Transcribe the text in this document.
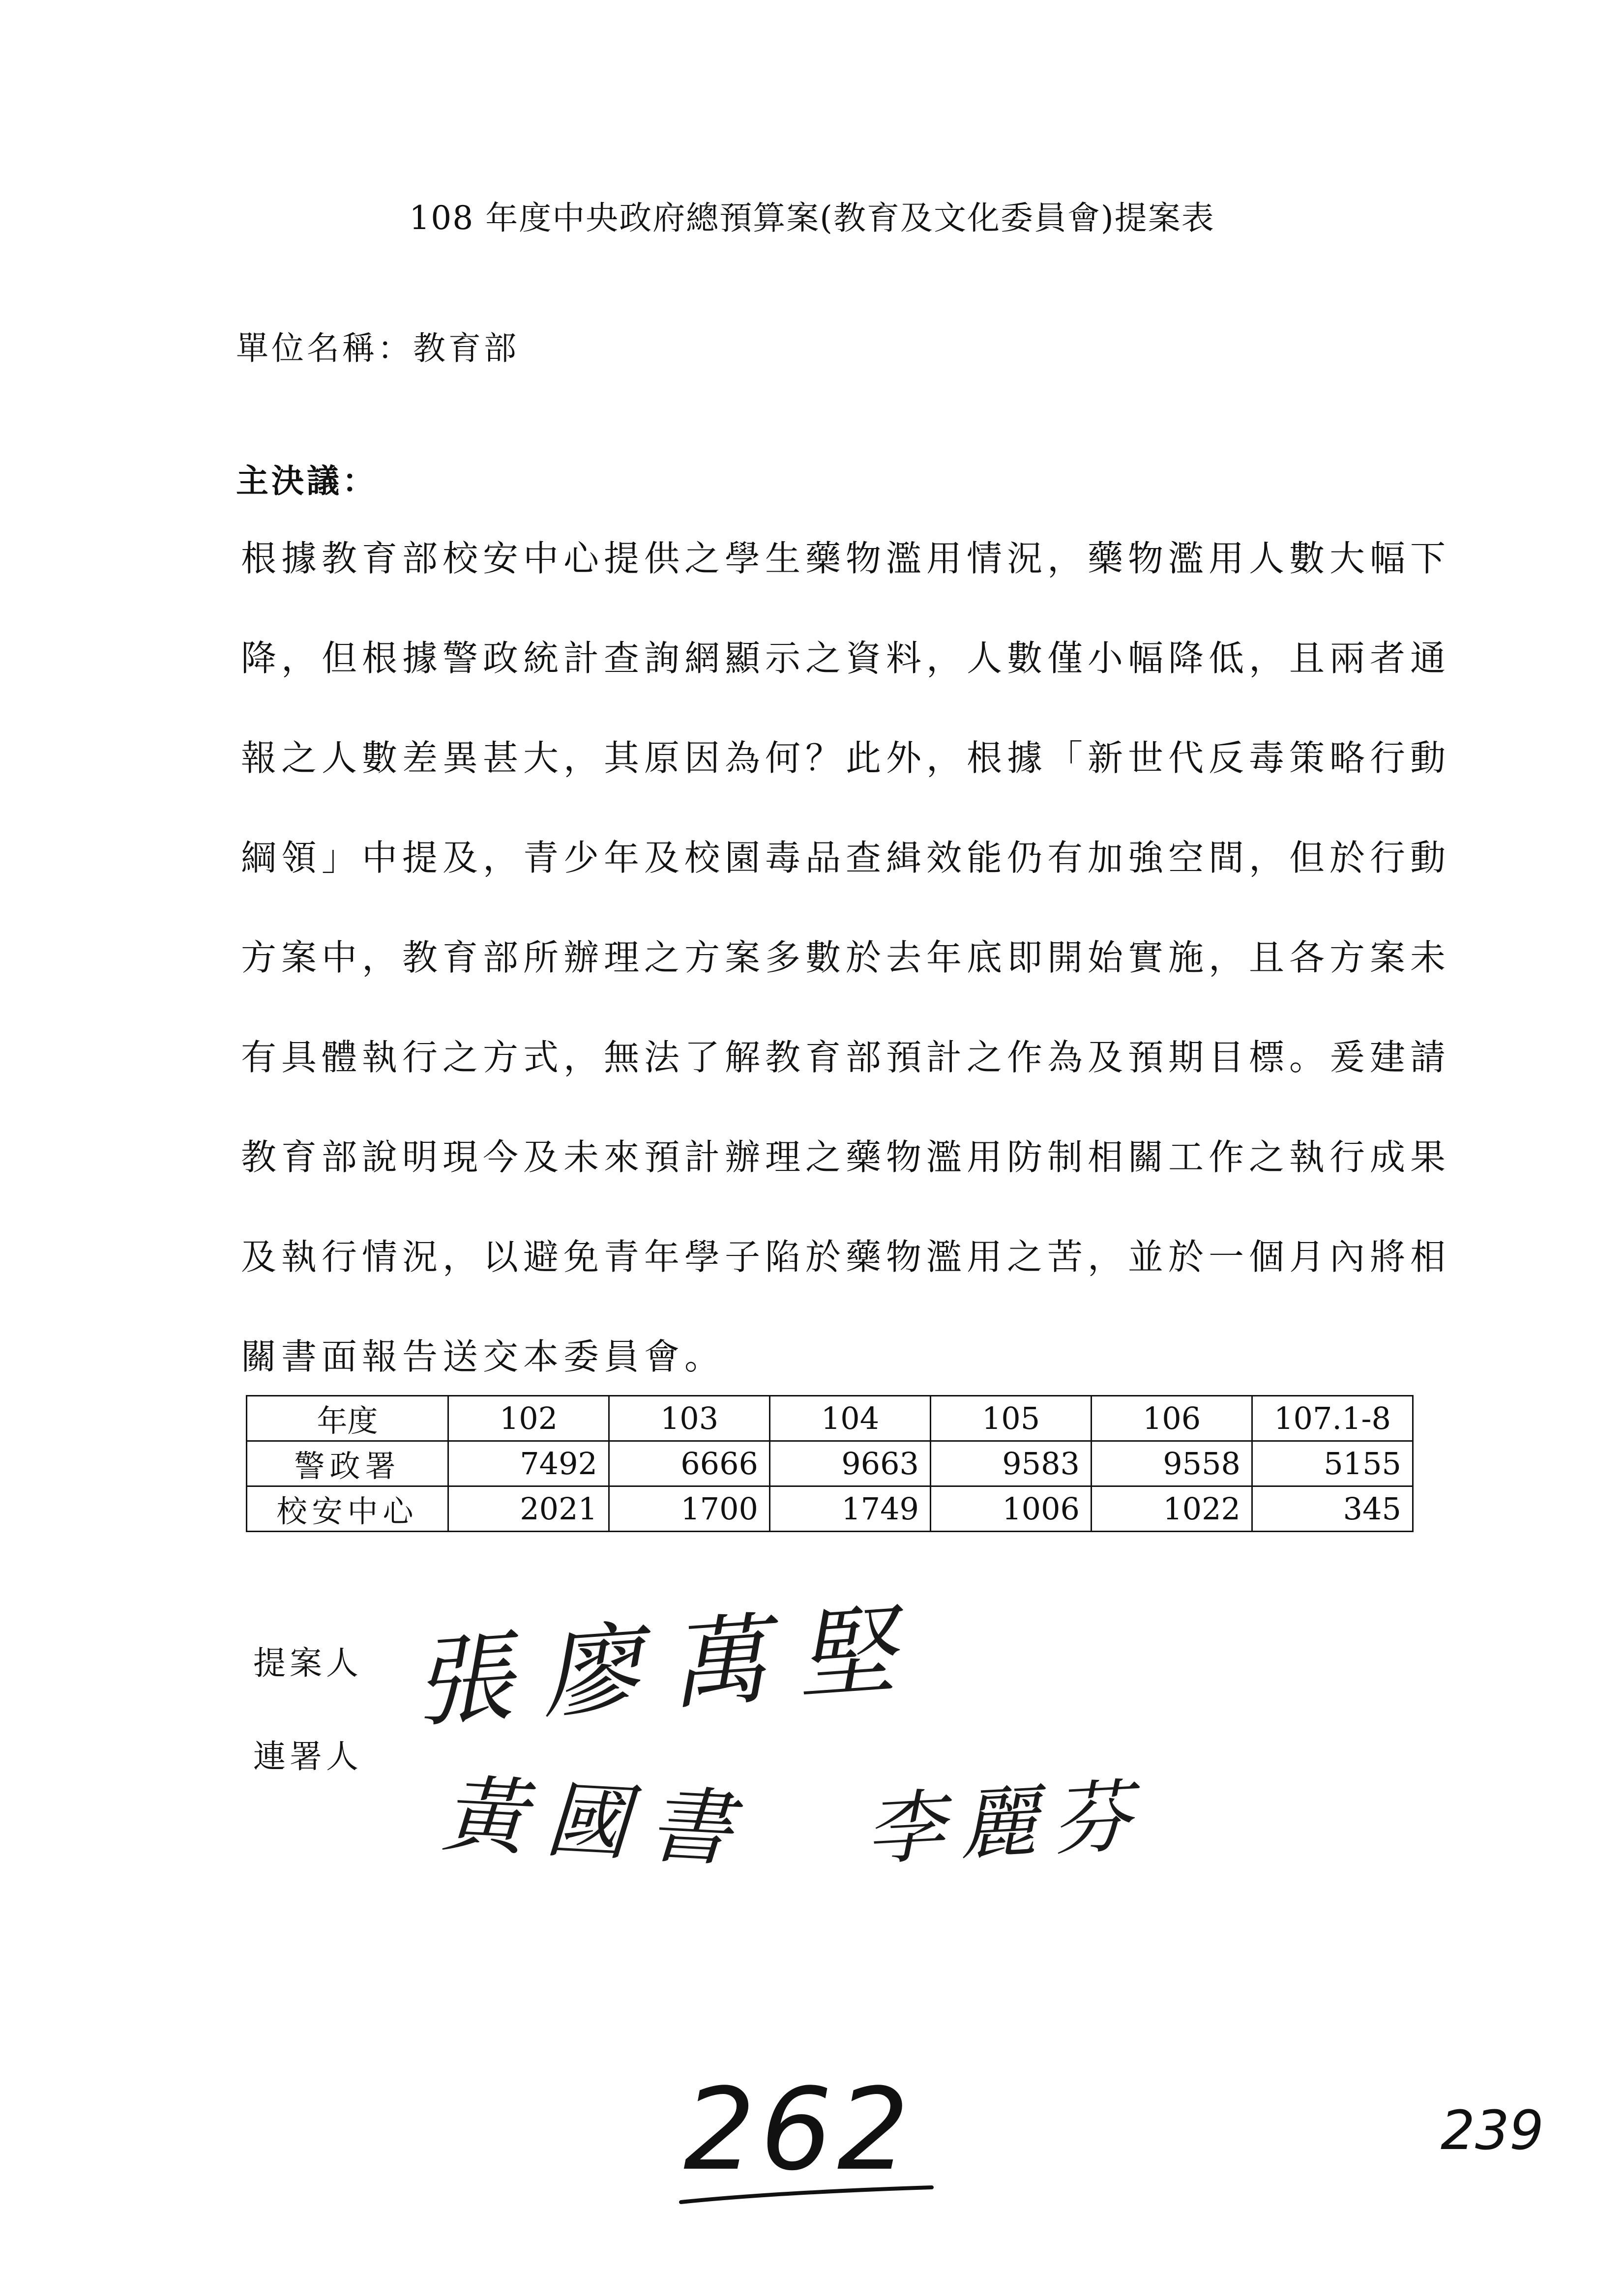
108 年度中央政府總預算案(教育及文化委員會)提案表
單位名稱：教育部
主決議：
根據教育部校安中心提供之學生藥物濫用情況，藥物濫用人數大幅下
降，但根據警政統計查詢網顯示之資料，人數僅小幅降低，且兩者通
報之人數差異甚大，其原因為何？此外，根據「新世代反毒策略行動
綱領」中提及，青少年及校園毒品查緝效能仍有加強空間，但於行動
方案中，教育部所辦理之方案多數於去年底即開始實施，且各方案未
有具體執行之方式，無法了解教育部預計之作為及預期目標。爰建請
教育部說明現今及未來預計辦理之藥物濫用防制相關工作之執行成果
及執行情況，以避免青年學子陷於藥物濫用之苦，並於一個月內將相
關書面報告送交本委員會。
年度	102	103	104	105	106	107.1-8
警政署	7492	6666	9663	9583	9558	5155
校安中心	2021	1700	1749	1006	1022	345
提案人
連署人
張廖萬堅
黃國書 李麗芬
262	239
